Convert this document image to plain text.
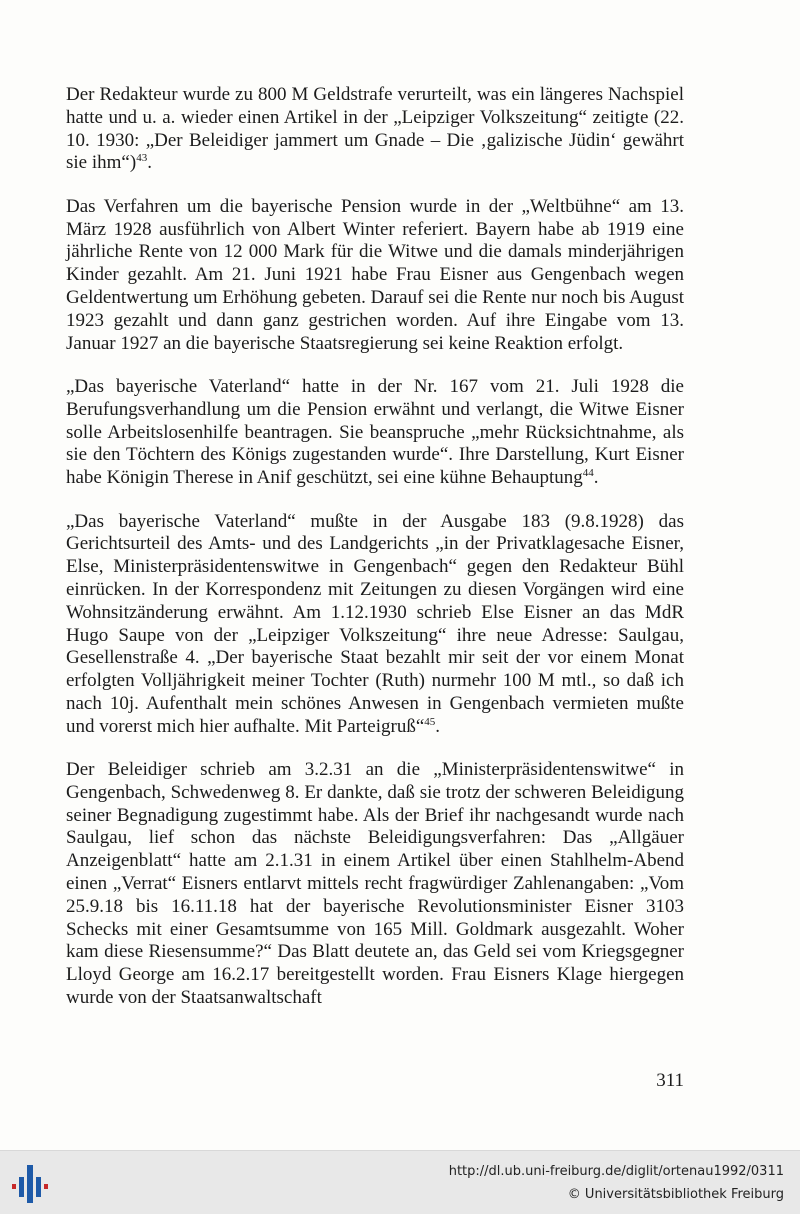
Der Redakteur wurde zu 800 M Geldstrafe verurteilt, was ein längeres Nachspiel hatte und u. a. wieder einen Artikel in der „Leipziger Volkszeitung“ zeitigte (22. 10. 1930: „Der Beleidiger jammert um Gnade – Die ‚galizische Jüdin‘ gewährt sie ihm“)$^{43}$.

Das Verfahren um die bayerische Pension wurde in der „Weltbühne“ am 13. März 1928 ausführlich von Albert Winter referiert. Bayern habe ab 1919 eine jährliche Rente von 12 000 Mark für die Witwe und die damals minderjährigen Kinder gezahlt. Am 21. Juni 1921 habe Frau Eisner aus Gengenbach wegen Geldentwertung um Erhöhung gebeten. Darauf sei die Rente nur noch bis August 1923 gezahlt und dann ganz gestrichen worden. Auf ihre Eingabe vom 13. Januar 1927 an die bayerische Staatsregierung sei keine Reaktion erfolgt.

„Das bayerische Vaterland“ hatte in der Nr. 167 vom 21. Juli 1928 die Berufungsverhandlung um die Pension erwähnt und verlangt, die Witwe Eisner solle Arbeitslosenhilfe beantragen. Sie beanspruche „mehr Rücksichtnahme, als sie den Töchtern des Königs zugestanden wurde“. Ihre Darstellung, Kurt Eisner habe Königin Therese in Anif geschützt, sei eine kühne Behauptung$^{44}$.

„Das bayerische Vaterland“ mußte in der Ausgabe 183 (9.8.1928) das Gerichtsurteil des Amts- und des Landgerichts „in der Privatklagesache Eisner, Else, Ministerpräsidentenswitwe in Gengenbach“ gegen den Redakteur Bühl einrücken. In der Korrespondenz mit Zeitungen zu diesen Vorgängen wird eine Wohnsitzänderung erwähnt. Am 1.12.1930 schrieb Else Eisner an das MdR Hugo Saupe von der „Leipziger Volkszeitung“ ihre neue Adresse: Saulgau, Gesellenstraße 4. „Der bayerische Staat bezahlt mir seit der vor einem Monat erfolgten Volljährigkeit meiner Tochter (Ruth) nurmehr 100 M mtl., so daß ich nach 10j. Aufenthalt mein schönes Anwesen in Gengenbach vermieten mußte und vorerst mich hier aufhalte. Mit Parteigruß“$^{45}$.

Der Beleidiger schrieb am 3.2.31 an die „Ministerpräsidentenswitwe“ in Gengenbach, Schwedenweg 8. Er dankte, daß sie trotz der schweren Beleidigung seiner Begnadigung zugestimmt habe. Als der Brief ihr nachgesandt wurde nach Saulgau, lief schon das nächste Beleidigungsverfahren: Das „Allgäuer Anzeigenblatt“ hatte am 2.1.31 in einem Artikel über einen Stahlhelm-Abend einen „Verrat“ Eisners entlarvt mittels recht fragwürdiger Zahlenangaben: „Vom 25.9.18 bis 16.11.18 hat der bayerische Revolutionsminister Eisner 3103 Schecks mit einer Gesamtsumme von 165 Mill. Goldmark ausgezahlt. Woher kam diese Riesensumme?“ Das Blatt deutete an, das Geld sei vom Kriegsgegner Lloyd George am 16.2.17 bereitgestellt worden. Frau Eisners Klage hiergegen wurde von der Staatsanwaltschaft

311
http://dl.ub.uni-freiburg.de/diglit/ortenau1992/0311
© Universitätsbibliothek Freiburg
